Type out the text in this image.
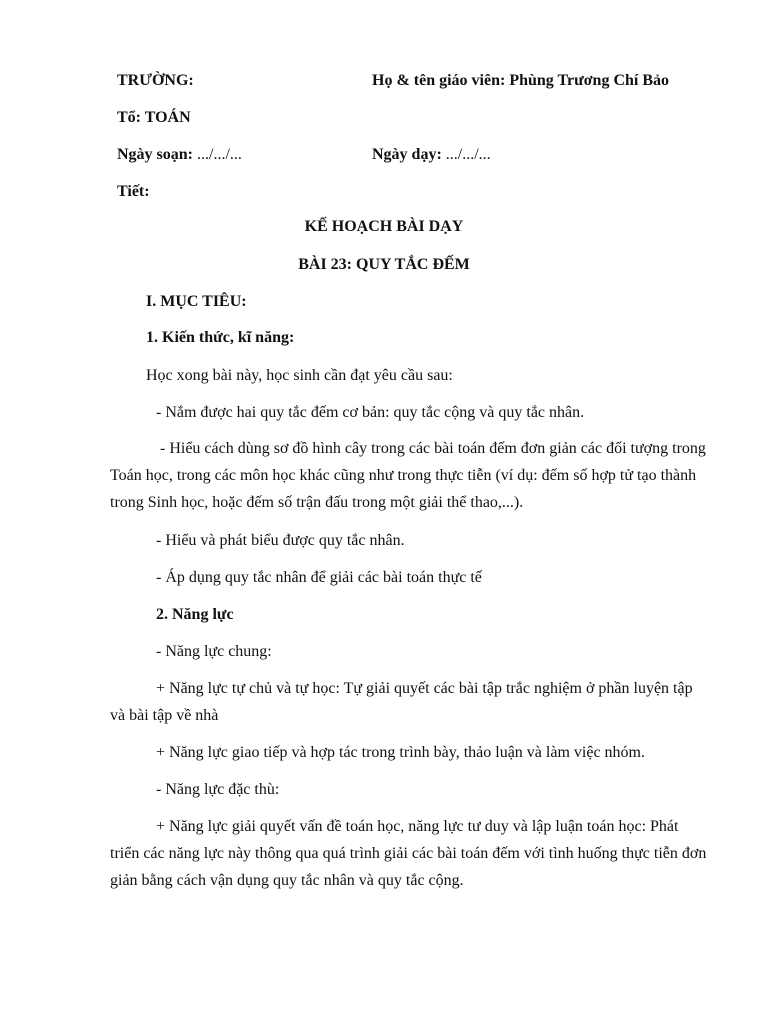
TRƯỜNG:	Họ & tên giáo viên: Phùng Trương Chí Bảo
Tổ: TOÁN
Ngày soạn: .../.../...	Ngày dạy: .../.../...
Tiết:
KẾ HOẠCH BÀI DẠY
BÀI 23: QUY TẮC ĐẾM
I. MỤC TIÊU:
1. Kiến thức, kĩ năng:
Học xong bài này, học sinh cần đạt yêu cầu sau:
- Nắm được hai quy tắc đếm cơ bản: quy tắc cộng và quy tắc nhân.
- Hiểu cách dùng sơ đồ hình cây trong các bài toán đếm đơn giản các đối tượng trong Toán học, trong các môn học khác cũng như trong thực tiễn (ví dụ: đếm số hợp tử tạo thành trong Sinh học, hoặc đếm số trận đấu trong một giải thể thao,...).
- Hiểu và phát biểu được quy tắc nhân.
- Áp dụng quy tắc nhân để giải các bài toán thực tế
2. Năng lực
- Năng lực chung:
+ Năng lực tự chủ và tự học: Tự giải quyết các bài tập trắc nghiệm ở phần luyện tập và bài tập về nhà
+ Năng lực giao tiếp và hợp tác trong trình bày, thảo luận và làm việc nhóm.
- Năng lực đặc thù:
+ Năng lực giải quyết vấn đề toán học, năng lực tư duy và lập luận toán học: Phát triển các năng lực này thông qua quá trình giải các bài toán đếm với tình huống thực tiễn đơn giản bằng cách vận dụng quy tắc nhân và quy tắc cộng.
